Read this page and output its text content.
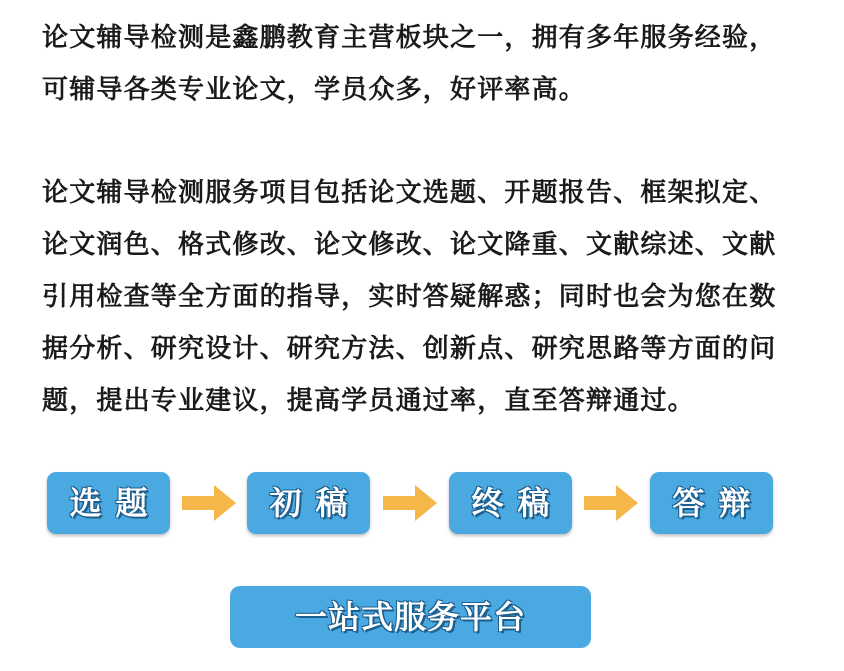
论文辅导检测是鑫鹏教育主营板块之一，拥有多年服务经验，
可辅导各类专业论文，学员众多，好评率高。
论文辅导检测服务项目包括论文选题、开题报告、框架拟定、
论文润色、格式修改、论文修改、论文降重、文献综述、文献
引用检查等全方面的指导，实时答疑解惑；同时也会为您在数
据分析、研究设计、研究方法、创新点、研究思路等方面的问
题，提出专业建议，提高学员通过率，直至答辩通过。
选题	初稿	终稿	答辩
一站式服务平台
